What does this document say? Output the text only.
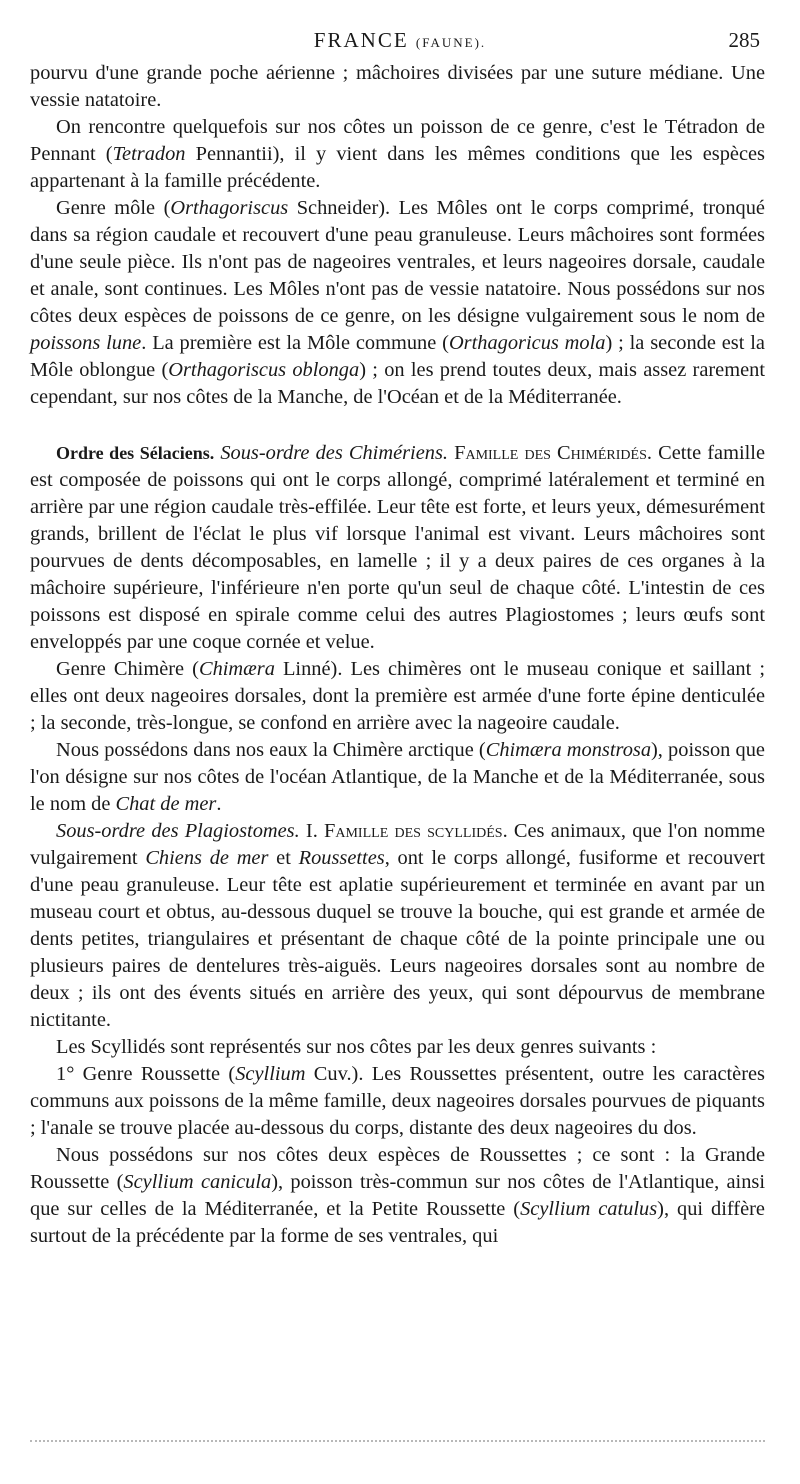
FRANCE (FAUNE).	285

pourvu d'une grande poche aérienne ; mâchoires divisées par une suture médiane. Une vessie natatoire.

On rencontre quelquefois sur nos côtes un poisson de ce genre, c'est le Tétradon de Pennant (Tetradon Pennantii), il y vient dans les mêmes conditions que les espèces appartenant à la famille précédente.

Genre môle (Orthagoriscus Schneider). Les Môles ont le corps comprimé, tronqué dans sa région caudale et recouvert d'une peau granuleuse. Leurs mâchoires sont formées d'une seule pièce. Ils n'ont pas de nageoires ventrales, et leurs nageoires dorsale, caudale et anale, sont continues. Les Môles n'ont pas de vessie natatoire. Nous possédons sur nos côtes deux espèces de poissons de ce genre, on les désigne vulgairement sous le nom de poissons lune. La première est la Môle commune (Orthagoricus mola) ; la seconde est la Môle oblongue (Orthagoriscus oblonga) ; on les prend toutes deux, mais assez rarement cependant, sur nos côtes de la Manche, de l'Océan et de la Méditerranée.

Ordre des Sélaciens. Sous-ordre des Chimériens. Famille des Chiméridés. Cette famille est composée de poissons qui ont le corps allongé, comprimé latéralement et terminé en arrière par une région caudale très-effilée. Leur tête est forte, et leurs yeux, démesurément grands, brillent de l'éclat le plus vif lorsque l'animal est vivant. Leurs mâchoires sont pourvues de dents décomposables, en lamelle ; il y a deux paires de ces organes à la mâchoire supérieure, l'inférieure n'en porte qu'un seul de chaque côté. L'intestin de ces poissons est disposé en spirale comme celui des autres Plagiostomes ; leurs œufs sont enveloppés par une coque cornée et velue.

Genre Chimère (Chimæra Linné). Les chimères ont le museau conique et saillant ; elles ont deux nageoires dorsales, dont la première est armée d'une forte épine denticulée ; la seconde, très-longue, se confond en arrière avec la nageoire caudale.

Nous possédons dans nos eaux la Chimère arctique (Chimæra monstrosa), poisson que l'on désigne sur nos côtes de l'océan Atlantique, de la Manche et de la Méditerranée, sous le nom de Chat de mer.

Sous-ordre des Plagiostomes. I. Famille des scyllidés. Ces animaux, que l'on nomme vulgairement Chiens de mer et Roussettes, ont le corps allongé, fusiforme et recouvert d'une peau granuleuse. Leur tête est aplatie supérieurement et terminée en avant par un museau court et obtus, au-dessous duquel se trouve la bouche, qui est grande et armée de dents petites, triangulaires et présentant de chaque côté de la pointe principale une ou plusieurs paires de dentelures très-aiguës. Leurs nageoires dorsales sont au nombre de deux ; ils ont des évents situés en arrière des yeux, qui sont dépourvus de membrane nictitante.

Les Scyllidés sont représentés sur nos côtes par les deux genres suivants :

1° Genre Roussette (Scyllium Cuv.). Les Roussettes présentent, outre les caractères communs aux poissons de la même famille, deux nageoires dorsales pourvues de piquants ; l'anale se trouve placée au-dessous du corps, distante des deux nageoires du dos.

Nous possédons sur nos côtes deux espèces de Roussettes ; ce sont : la Grande Roussette (Scyllium canicula), poisson très-commun sur nos côtes de l'Atlantique, ainsi que sur celles de la Méditerranée, et la Petite Roussette (Scyllium catulus), qui diffère surtout de la précédente par la forme de ses ventrales, qui
